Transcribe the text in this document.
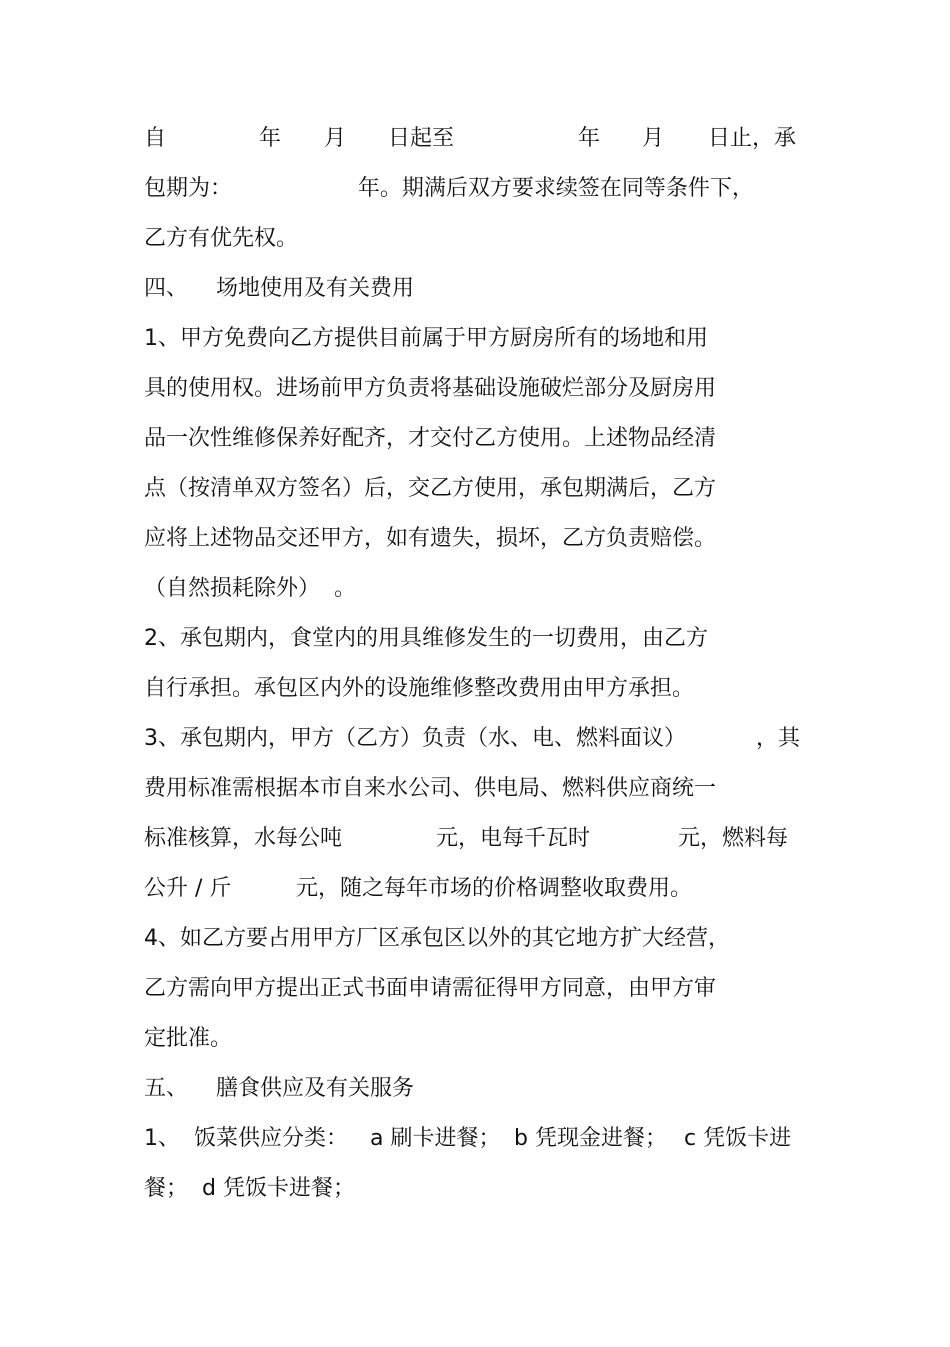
自

	年

月

日起至

	年

月

日止，承

包期为：                  年。期满后双方要求续签在同等条件下，
乙方有优先权。
四、    场地使用及有关费用
1、甲方免费向乙方提供目前属于甲方厨房所有的场地和用
具的使用权。进场前甲方负责将基础设施破烂部分及厨房用
品一次性维修保养好配齐，才交付乙方使用。上述物品经清
点（按清单双方签名）后，交乙方使用，承包期满后，乙方
应将上述物品交还甲方，如有遗失，损坏，乙方负责赔偿。
（自然损耗除外）  。
2、承包期内，食堂内的用具维修发生的一切费用，由乙方
自行承担。承包区内外的设施维修整改费用由甲方承担。

3、承包期内，甲方（乙方）负责（水、电、燃料面议）

	，其

费用标准需根据本市自来水公司、供电局、燃料供应商统一

标准核算，水每公吨

	元，电每千瓦时

	元，燃料每

公升 / 斤

	元，随之每年市场的价格调整收取费用。

4、如乙方要占用甲方厂区承包区以外的其它地方扩大经营，
乙方需向甲方提出正式书面申请需征得甲方同意，由甲方审
定批准。
五、    膳食供应及有关服务

1、

饭菜供应分类：

a 刷卡进餐；

b 凭现金进餐；

c 凭饭卡进

餐；  d 凭饭卡进餐；
